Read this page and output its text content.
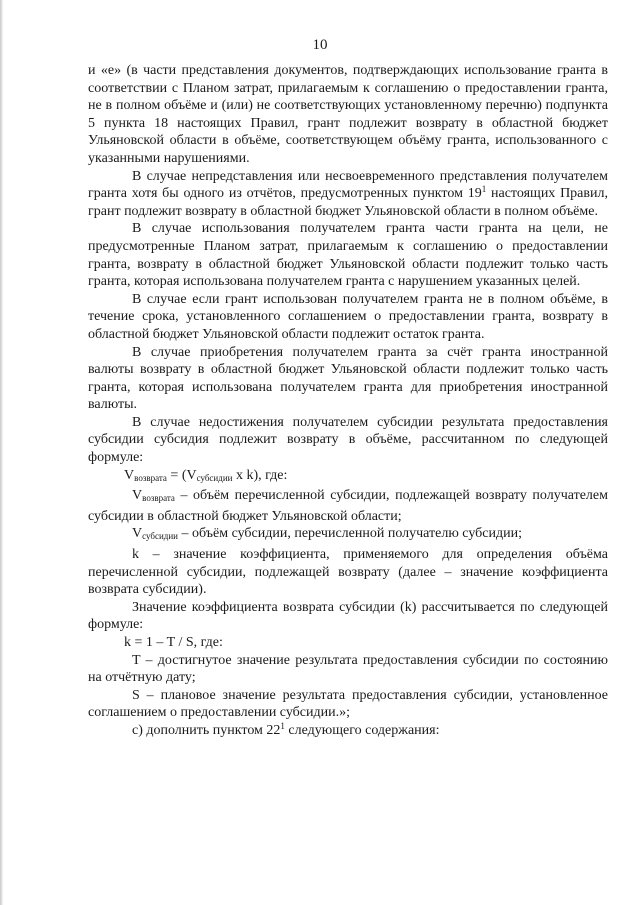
10

и «е» (в части представления документов, подтверждающих использование гранта в соответствии с Планом затрат, прилагаемым к соглашению о предоставлении гранта, не в полном объёме и (или) не соответствующих установленному перечню) подпункта 5 пункта 18 настоящих Правил, грант подлежит возврату в областной бюджет Ульяновской области в объёме, соответствующем объёму гранта, использованного с указанными нарушениями.

В случае непредставления или несвоевременного представления получателем гранта хотя бы одного из отчётов, предусмотренных пунктом $19^1$ настоящих Правил, грант подлежит возврату в областной бюджет Ульяновской области в полном объёме.

В случае использования получателем гранта части гранта на цели, не предусмотренные Планом затрат, прилагаемым к соглашению о предоставлении гранта, возврату в областной бюджет Ульяновской области подлежит только часть гранта, которая использована получателем гранта с нарушением указанных целей.

В случае если грант использован получателем гранта не в полном объёме, в течение срока, установленного соглашением о предоставлении гранта, возврату в областной бюджет Ульяновской области подлежит остаток гранта.

В случае приобретения получателем гранта за счёт гранта иностранной валюты возврату в областной бюджет Ульяновской области подлежит только часть гранта, которая использована получателем гранта для приобретения иностранной валюты.

В случае недостижения получателем субсидии результата предоставления субсидии субсидия подлежит возврату в объёме, рассчитанном по следующей формуле:

$V_{возврата} = (V_{субсидии}$ x k), где:

$V_{возврата}$ – объём перечисленной субсидии, подлежащей возврату получателем субсидии в областной бюджет Ульяновской области;

$V_{субсидии}$ – объём субсидии, перечисленной получателю субсидии;

k – значение коэффициента, применяемого для определения объёма перечисленной субсидии, подлежащей возврату (далее – значение коэффициента возврата субсидии).

Значение коэффициента возврата субсидии (k) рассчитывается по следующей формуле:

k = 1 – T / S, где:

T – достигнутое значение результата предоставления субсидии по состоянию на отчётную дату;

S – плановое значение результата предоставления субсидии, установленное соглашением о предоставлении субсидии.»;

с) дополнить пунктом $22^1$ следующего содержания:
